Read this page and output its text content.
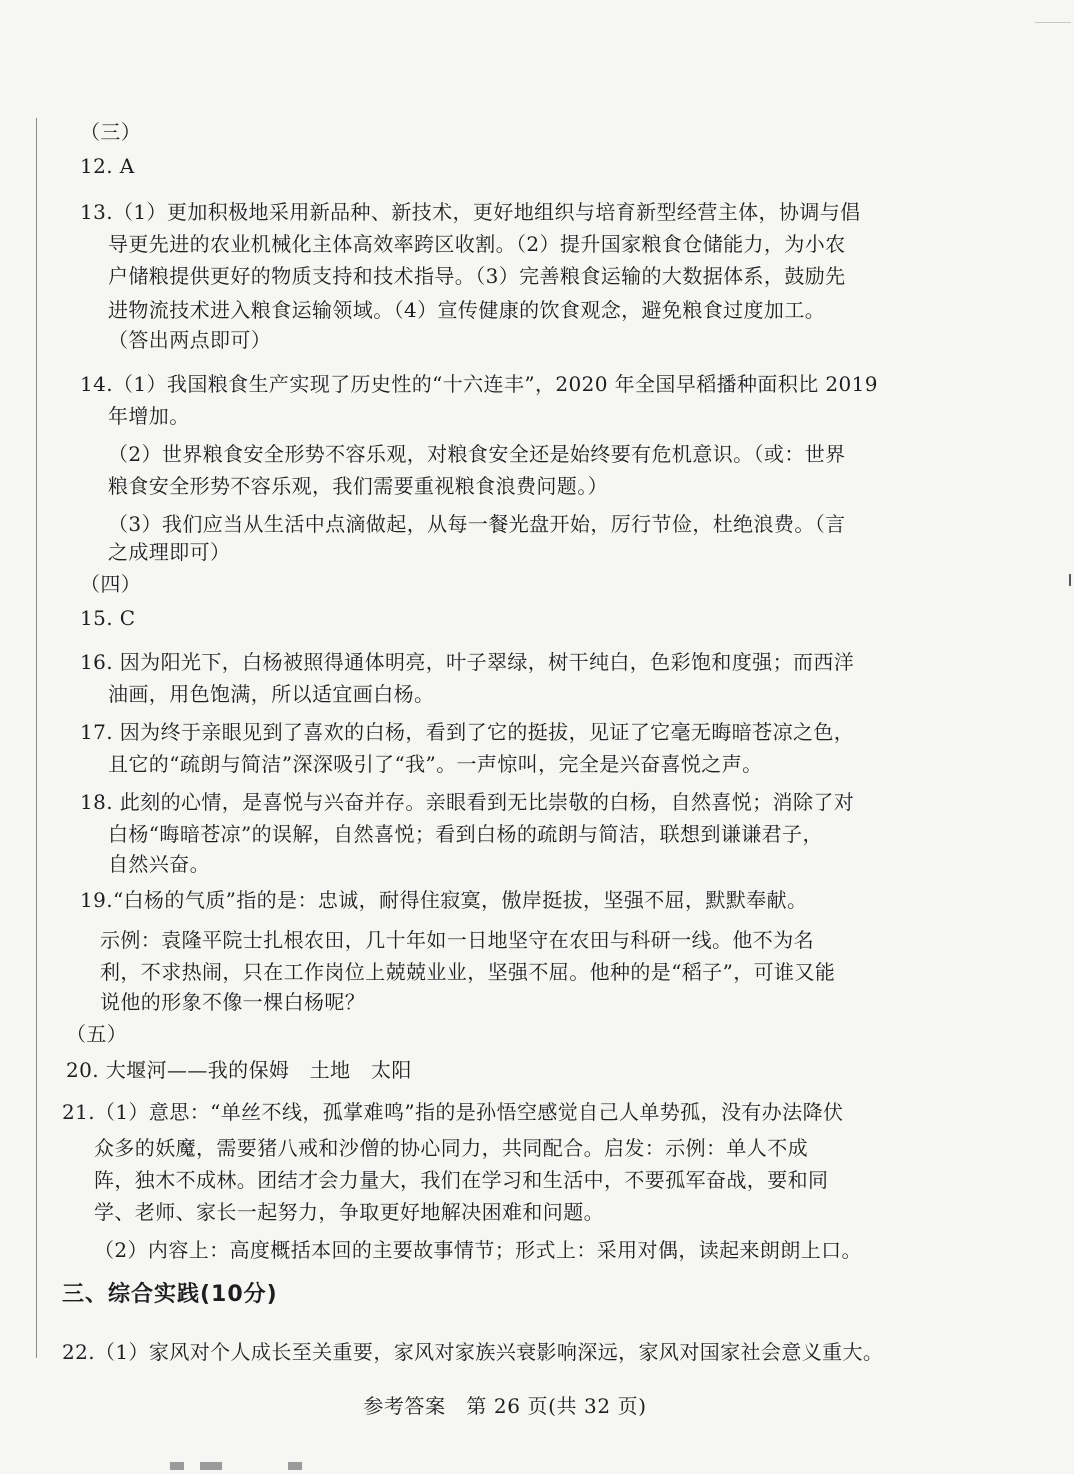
（三）
12. A
13.（1）更加积极地采用新品种、新技术，更好地组织与培育新型经营主体，协调与倡
导更先进的农业机械化主体高效率跨区收割。（2）提升国家粮食仓储能力，为小农
户储粮提供更好的物质支持和技术指导。（3）完善粮食运输的大数据体系，鼓励先
进物流技术进入粮食运输领域。（4）宣传健康的饮食观念，避免粮食过度加工。
（答出两点即可）
14.（1）我国粮食生产实现了历史性的“十六连丰”，2020 年全国早稻播种面积比 2019
年增加。
（2）世界粮食安全形势不容乐观，对粮食安全还是始终要有危机意识。（或：世界
粮食安全形势不容乐观，我们需要重视粮食浪费问题。）
（3）我们应当从生活中点滴做起，从每一餐光盘开始，厉行节俭，杜绝浪费。（言
之成理即可）
（四）
15. C
16. 因为阳光下，白杨被照得通体明亮，叶子翠绿，树干纯白，色彩饱和度强；而西洋
油画，用色饱满，所以适宜画白杨。
17. 因为终于亲眼见到了喜欢的白杨，看到了它的挺拔，见证了它毫无晦暗苍凉之色，
且它的“疏朗与简洁”深深吸引了“我”。一声惊叫，完全是兴奋喜悦之声。
18. 此刻的心情，是喜悦与兴奋并存。亲眼看到无比崇敬的白杨，自然喜悦；消除了对
白杨“晦暗苍凉”的误解，自然喜悦；看到白杨的疏朗与简洁，联想到谦谦君子，
自然兴奋。
19.“白杨的气质”指的是：忠诚，耐得住寂寞，傲岸挺拔，坚强不屈，默默奉献。
示例：袁隆平院士扎根农田，几十年如一日地坚守在农田与科研一线。他不为名
利，不求热闹，只在工作岗位上兢兢业业，坚强不屈。他种的是“稻子”，可谁又能
说他的形象不像一棵白杨呢？
（五）
20. 大堰河——我的保姆　土地　太阳
21.（1）意思：“单丝不线，孤掌难鸣”指的是孙悟空感觉自己人单势孤，没有办法降伏
众多的妖魔，需要猪八戒和沙僧的协心同力，共同配合。启发：示例：单人不成
阵，独木不成林。团结才会力量大，我们在学习和生活中，不要孤军奋战，要和同
学、老师、家长一起努力，争取更好地解决困难和问题。
（2）内容上：高度概括本回的主要故事情节；形式上：采用对偶，读起来朗朗上口。
22.（1）家风对个人成长至关重要，家风对家族兴衰影响深远，家风对国家社会意义重大。
三、综合实践(10分)
参考答案　第 26 页(共 32 页)
